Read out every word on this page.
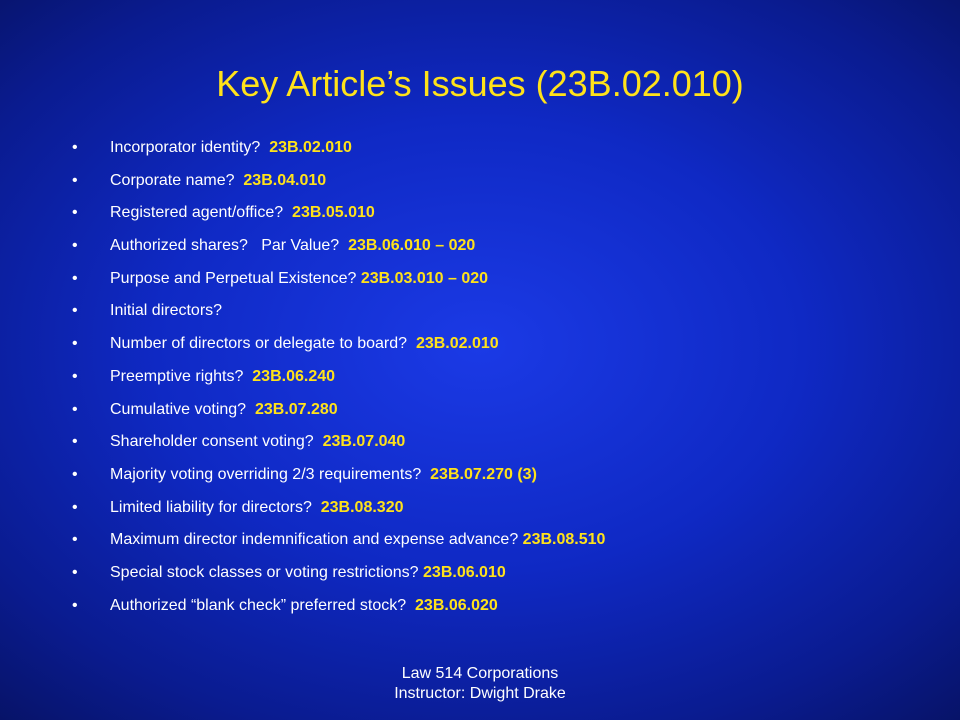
Key Article’s Issues (23B.02.010)
• Incorporator identity?  23B.02.010
• Corporate name?  23B.04.010
• Registered agent/office?  23B.05.010
• Authorized shares?   Par Value?  23B.06.010 – 020
• Purpose and Perpetual Existence? 23B.03.010 – 020
• Initial directors?
• Number of directors or delegate to board?  23B.02.010
• Preemptive rights?  23B.06.240
• Cumulative voting?  23B.07.280
• Shareholder consent voting?  23B.07.040
• Majority voting overriding 2/3 requirements?  23B.07.270 (3)
• Limited liability for directors?  23B.08.320
• Maximum director indemnification and expense advance? 23B.08.510
• Special stock classes or voting restrictions? 23B.06.010
• Authorized “blank check” preferred stock?  23B.06.020
Law 514 Corporations
Instructor: Dwight Drake
